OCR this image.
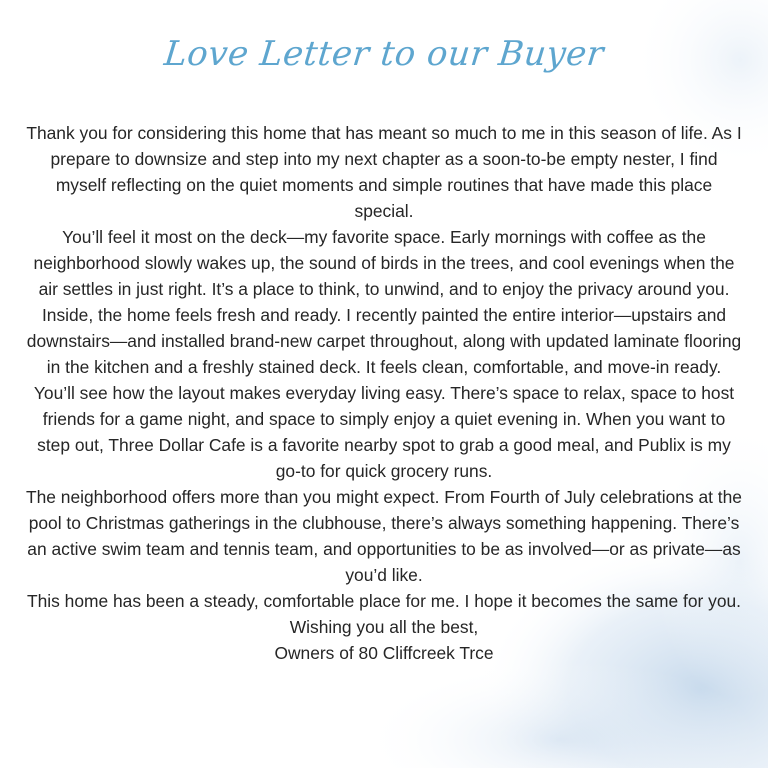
Love Letter to our Buyer

Thank you for considering this home that has meant so much to me in this season of life. As I prepare to downsize and step into my next chapter as a soon-to-be empty nester, I find myself reflecting on the quiet moments and simple routines that have made this place special.

You’ll feel it most on the deck—my favorite space. Early mornings with coffee as the neighborhood slowly wakes up, the sound of birds in the trees, and cool evenings when the air settles in just right. It’s a place to think, to unwind, and to enjoy the privacy around you. Inside, the home feels fresh and ready. I recently painted the entire interior—upstairs and downstairs—and installed brand-new carpet throughout, along with updated laminate flooring in the kitchen and a freshly stained deck. It feels clean, comfortable, and move-in ready.

You’ll see how the layout makes everyday living easy. There’s space to relax, space to host friends for a game night, and space to simply enjoy a quiet evening in. When you want to step out, Three Dollar Cafe is a favorite nearby spot to grab a good meal, and Publix is my go-to for quick grocery runs.

The neighborhood offers more than you might expect. From Fourth of July celebrations at the pool to Christmas gatherings in the clubhouse, there’s always something happening. There’s an active swim team and tennis team, and opportunities to be as involved—or as private—as you’d like.

This home has been a steady, comfortable place for me. I hope it becomes the same for you.

Wishing you all the best,

Owners of 80 Cliffcreek Trce
